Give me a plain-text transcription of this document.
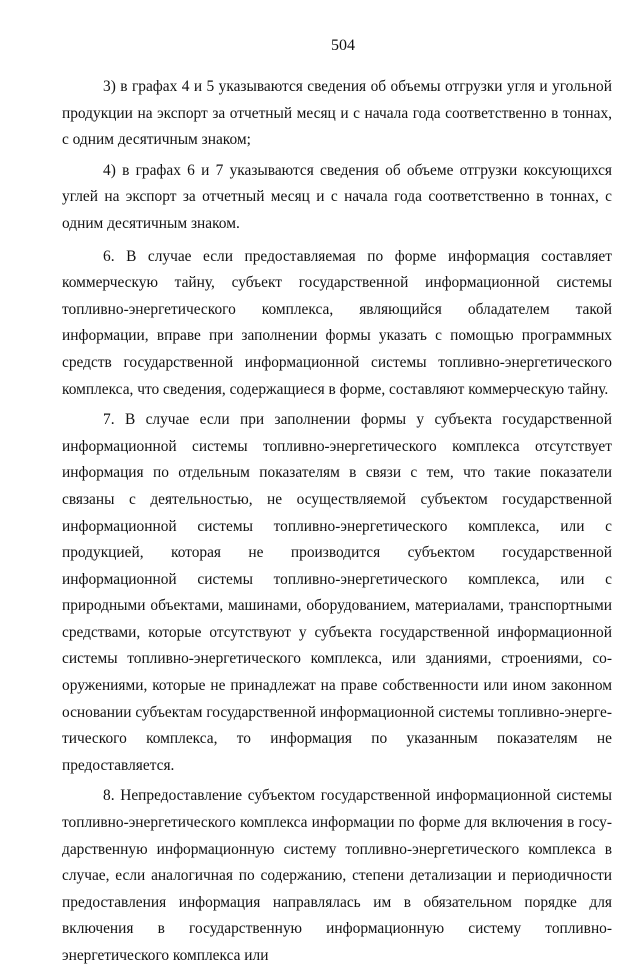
504

3) в графах 4 и 5 указываются сведения об объемы отгрузки угля и угольной продукции на экспорт за отчетный месяц и с начала года соответственно в тоннах, с одним десятичным знаком;

4) в графах 6 и 7 указываются сведения об объеме отгрузки коксующихся углей на экспорт за отчетный месяц и с начала года соответственно в тоннах, с одним десятичным знаком.

6. В случае если предоставляемая по форме информация составляет коммерческую тайну, субъект государственной информационной системы топливно-энергетического комплекса, являющийся обладателем такой информации, вправе при заполнении формы указать с помощью программных средств государственной информационной системы топливно-энергетического комплекса, что сведения, содержащиеся в форме, составляют коммерческую тайну.

7. В случае если при заполнении формы у субъекта государственной информационной системы топливно-энергетического комплекса отсутствует информация по отдельным показателям в связи с тем, что такие показатели связаны с деятельностью, не осуществляемой субъектом государственной информационной системы топливно-энергетического комплекса, или с продукцией, которая не производится субъектом государственной информационной системы топливно-энергетического комплекса, или с природными объектами, машинами, оборудованием, материалами, транспортными средствами, которые отсутствуют у субъекта государственной информационной системы топливно-энергетического комплекса, или зданиями, строениями, сооружениями, которые не принадлежат на праве собственности или ином законном основании субъектам государственной информационной системы топливно-энергетического комплекса, то информация по указанным показателям не предоставляется.

8. Непредоставление субъектом государственной информационной системы топливно-энергетического комплекса информации по форме для включения в государственную информационную систему топливно-энергетического комплекса в случае, если аналогичная по содержанию, степени детализации и периодичности предоставления информация направлялась им в обязательном порядке для включения в государственную информационную систему топливно-энергетического комплекса или
